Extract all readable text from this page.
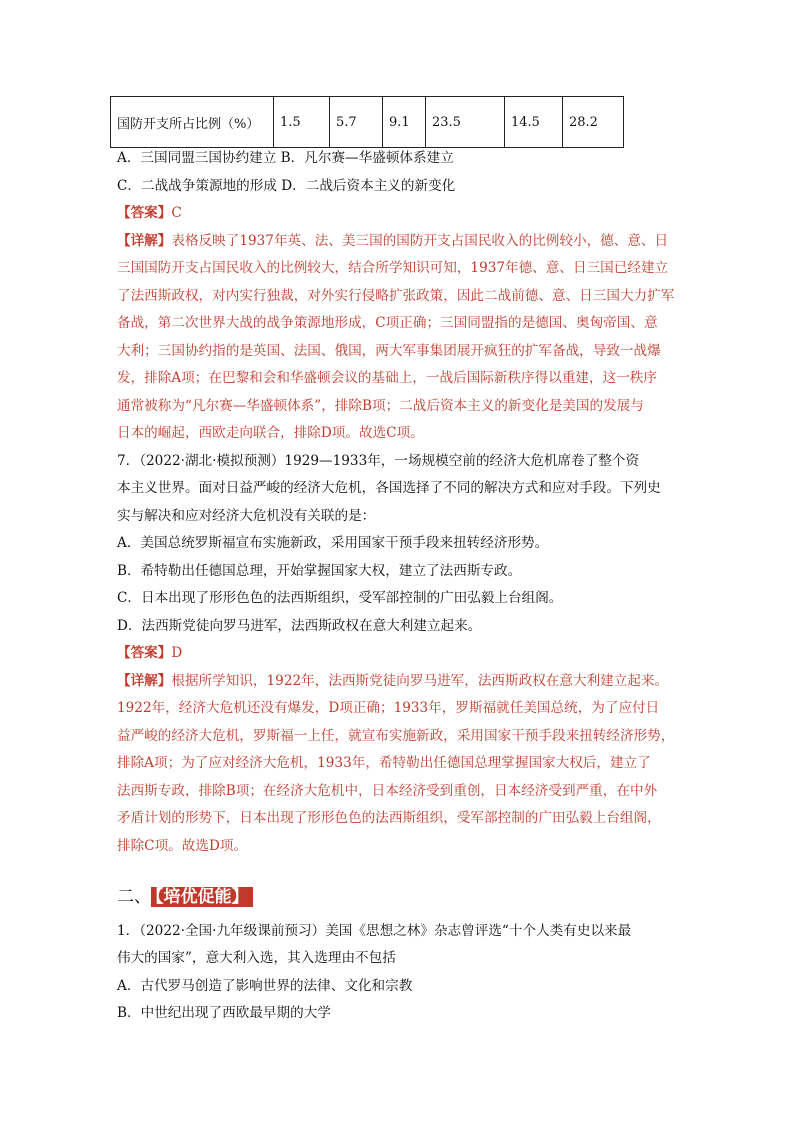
国防开支所占比例（%）	1.5	5.7	9.1	23.5	14.5	28.2
A．三国同盟三国协约建立 B．凡尔赛—华盛顿体系建立
C．二战战争策源地的形成 D．二战后资本主义的新变化
【答案】C
【详解】表格反映了1937年英、法、美三国的国防开支占国民收入的比例较小，德、意、日
三国国防开支占国民收入的比例较大，结合所学知识可知，1937年德、意、日三国已经建立
了法西斯政权，对内实行独裁，对外实行侵略扩张政策，因此二战前德、意、日三国大力扩军
备战，第二次世界大战的战争策源地形成，C项正确；三国同盟指的是德国、奥匈帝国、意
大利；三国协约指的是英国、法国、俄国，两大军事集团展开疯狂的扩军备战，导致一战爆
发，排除A项；在巴黎和会和华盛顿会议的基础上，一战后国际新秩序得以重建，这一秩序
通常被称为“凡尔赛—华盛顿体系”，排除B项；二战后资本主义的新变化是美国的发展与
日本的崛起，西欧走向联合，排除D项。故选C项。
7．（2022·湖北·模拟预测）1929—1933年，一场规模空前的经济大危机席卷了整个资
本主义世界。面对日益严峻的经济大危机，各国选择了不同的解决方式和应对手段。下列史
实与解决和应对经济大危机没有关联的是：
A．美国总统罗斯福宣布实施新政，采用国家干预手段来扭转经济形势。
B．希特勒出任德国总理，开始掌握国家大权，建立了法西斯专政。
C．日本出现了形形色色的法西斯组织，受军部控制的广田弘毅上台组阁。
D．法西斯党徒向罗马进军，法西斯政权在意大利建立起来。
【答案】D
【详解】根据所学知识，1922年，法西斯党徒向罗马进军，法西斯政权在意大利建立起来。
1922年，经济大危机还没有爆发，D项正确；1933年，罗斯福就任美国总统，为了应付日
益严峻的经济大危机，罗斯福一上任，就宣布实施新政，采用国家干预手段来扭转经济形势，
排除A项；为了应对经济大危机，1933年，希特勒出任德国总理掌握国家大权后，建立了
法西斯专政，排除B项；在经济大危机中，日本经济受到重创，日本经济受到严重，在中外
矛盾计划的形势下，日本出现了形形色色的法西斯组织，受军部控制的广田弘毅上台组阁，
排除C项。故选D项。
二、 【培优促能】
1．（2022·全国·九年级课前预习）美国《思想之林》杂志曾评选“十个人类有史以来最
伟大的国家”，意大利入选，其入选理由不包括
A．古代罗马创造了影响世界的法律、文化和宗教
B．中世纪出现了西欧最早期的大学
